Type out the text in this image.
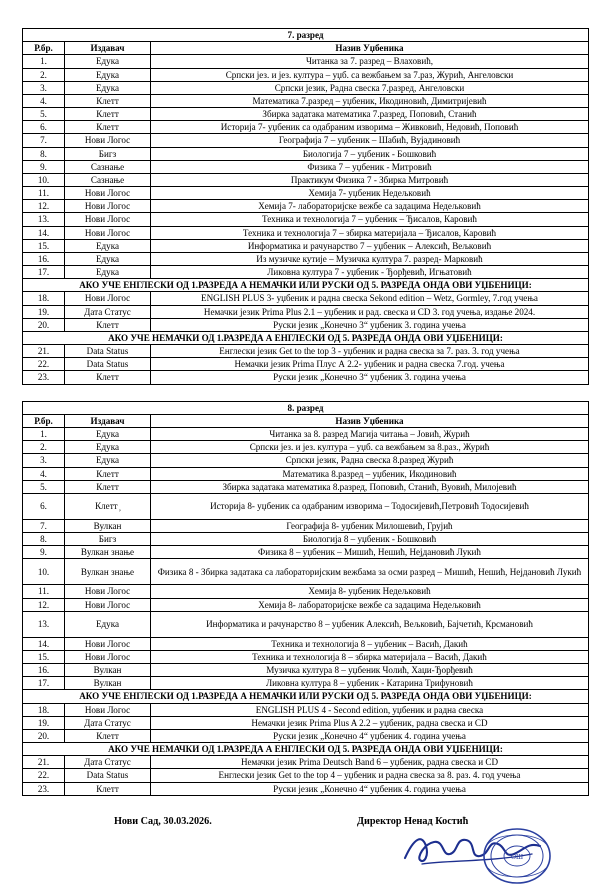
7. разред		
Р.бр.	Издавач	Назив Уџбеника
1.	Едука	Читанка за 7. разред – Влаховић,
2.	Едука	Српски јез. и јез. култура – уџб. са вежбањем за 7.раз, Журић, Ангеловски
3.	Едука	Српски језик, Радна свеска 7.разред, Ангеловски
4.	Клетт	Математика 7.разред – уџбеник, Икодиновић, Димитријевић
5.	Клетт	Збирка задатака математика 7.разред, Поповић, Станић
6.	Клетт	Историја 7- уџбеник са одабраним изворима – Живковић, Недовић, Поповић
7.	Нови Логос	Географија 7 – уџбеник – Шабић, Вујадиновић
8.	Бигз	Биологија 7 – уџбеник - Бошковић
9.	Сазнање	Физика 7 – уџбеник - Митровић
10.	Сазнање	Практикум Физика 7 - Збирка Митровић
11.	Нови Логос	Хемија 7- уџбеник Недељковић
12.	Нови Логос	Хемија 7- лабораторијске вежбе са задацима Недељковић
13.	Нови Логос	Техника и технологија 7 – уџбеник – Ђисалов, Каровић
14.	Нови Логос	Техника и технологија 7 – збирка материјала – Ђисалов, Каровић
15.	Едука	Информатика и рачунарство 7 – уџбеник – Алексић, Вељковић
16.	Едука	Из музичке кутије – Музичка култура 7. разред- Марковић
17.	Едука	Ликовна култура 7 - уџбеник - Ђорђевић, Игњатовић
АКО УЧЕ ЕНГЛЕСКИ ОД 1.РАЗРЕДА А НЕМАЧКИ ИЛИ РУСКИ ОД 5. РАЗРЕДА ОНДА ОВИ УЏБЕНИЦИ:		
18.	Нови Логос	ENGLISH PLUS 3- уџбеник и радна свеска Sekond edition – Wetz, Gormley, 7.год учења
19.	Дата Статус	Немачки језик Prima Plus 2.1 – уџбеник и рад. свеска и CD 3. год учења, издање 2024.
20.	Клетт	Руски језик „Конечно 3“ уџбеник 3. година учења
АКО УЧЕ НЕМАЧКИ ОД 1.РАЗРЕДА А ЕНГЛЕСКИ ОД 5. РАЗРЕДА ОНДА ОВИ УЏБЕНИЦИ:		
21.	Data Status	Енглески језик Get to the top 3 - уџбеник и радна свеска за 7. раз. 3. год учења
22.	Data Status	Немачки језик Prima Плус А 2.2- уџбеник и радна свеска 7.год. учења
23.	Клетт	Руски језик „Конечно 3“ уџбеник 3. година учења
8. разред		
Р.бр.	Издавач	Назив Уџбеника
1.	Едука	Читанка за 8. разред Магија читања – Јовић, Журић
2.	Едука	Српски јез. и јез. култура – уџб. са вежбањем за 8.раз., Журић
3.	Едука	Српски језик, Радна свеска 8.разред Журић
4.	Клетт	Математика 8.разред – уџбеник, Икодиновић
5.	Клетт	Збирка задатака математика 8.разред, Поповић, Станић, Вуовић, Милојевић
6.	Клетт ̦	Историја 8- уџбеник са одабраним изворима – Тодосијевић,Петровић Тодосијевић
7.	Вулкан	Географија 8- уџбеник Милошевић, Грујић
8.	Бигз	Биологија 8 – уџбеник - Бошковић
9.	Вулкан знање	Физика 8 – уџбеник – Мишић, Нешић, Нејдановић Лукић
10.	Вулкан знање	Физика 8 - Збирка задатака са лабораторијским вежбама за осми разред – Мишић, Нешић, Нејдановић Лукић
11.	Нови Логос	Хемија 8- уџбеник Недељковић
12.	Нови Логос	Хемија 8- лабораторијске вежбе са задацима Недељковић
13.	Едука	Информатика и рачунарство 8 – уџбеник Алексић, Вељковић, Бајчетић, Крсмановић
14.	Нови Логос	Техника и технологија 8 – уџбеник – Васић, Дакић
15.	Нови Логос	Техника и технологија 8 – збирка материјала – Васић, Дакић
16.	Вулкан	Музичка култура 8 – уџбеник Чолић, Хаџи-Ђорђевић
17.	Вулкан	Ликовна култура 8 – уџбеник - Катарина Трифуновић
АКО УЧЕ ЕНГЛЕСКИ ОД 1.РАЗРЕДА А НЕМАЧКИ ИЛИ РУСКИ ОД 5. РАЗРЕДА ОНДА ОВИ УЏБЕНИЦИ:		
18.	Нови Логос	ENGLISH PLUS 4 - Second edition, уџбеник и радна свеска
19.	Дата Статус	Немачки језик Prima Plus A 2.2 – уџбеник, радна свеска и CD
20.	Клетт	Руски језик „Конечно 4“ уџбеник 4. година учења
АКО УЧЕ НЕМАЧКИ ОД 1.РАЗРЕДА А ЕНГЛЕСКИ ОД 5. РАЗРЕДА ОНДА ОВИ УЏБЕНИЦИ:		
21.	Дата Статус	Немачки језик Prima Deutsch Band 6 – уџбеник, радна свеска и CD
22.	Data Status	Енглески језик Get to the top 4 – уџбеник и радна свеска за 8. раз. 4. год учења
23.	Клетт	Руски језик „Конечно 4“ уџбеник 4. година учења
Нови Сад, 30.03.2026.	Директор Ненад Костић
ОШ
